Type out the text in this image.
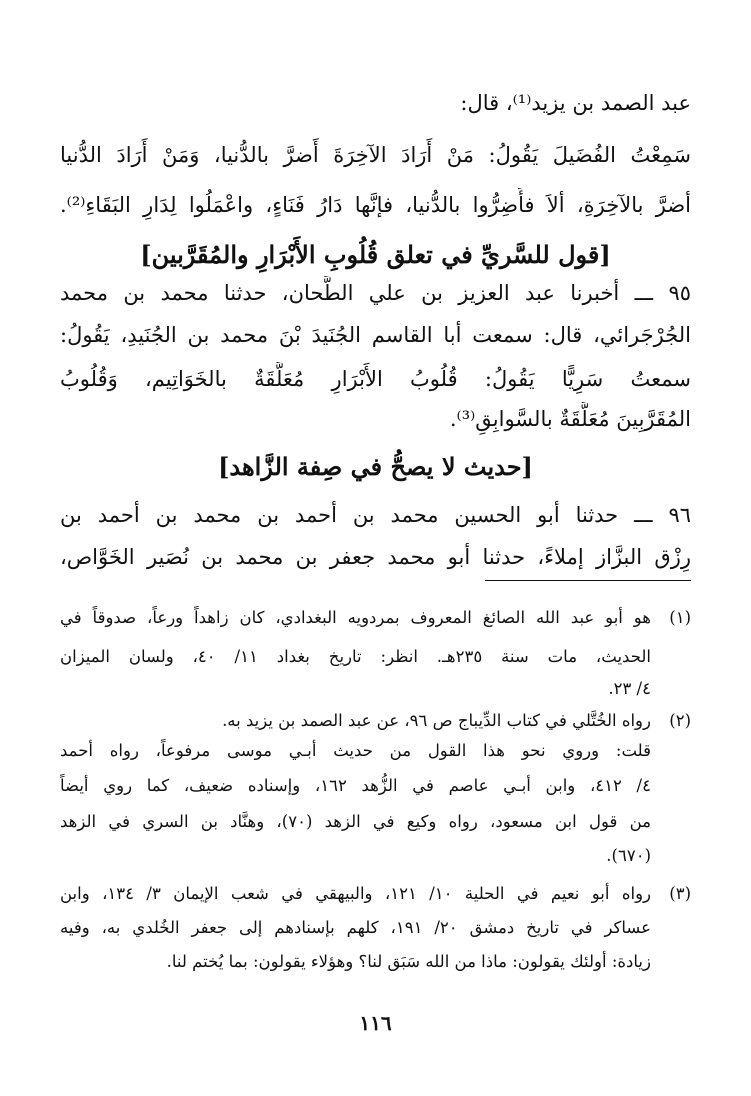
عبد الصمد بن يزيد⁽¹⁾، قال:
سَمِعْتُ الفُضَيلَ يَقُولُ: مَنْ أَرَادَ الآخِرَةَ أَضرَّ بالدُّنيا، وَمَنْ أَرَادَ الدُّنيا
أضرَّ بالآخِرَةِ، ألاَ فأَضِرُّوا بالدُّنيا، فإنَّها دَارُ فَنَاءٍ، واعْمَلُوا لِدَارِ البَقَاءِ⁽²⁾.
[قول للسَّريِّ في تعلق قُلُوبِ الأَبْرَارِ والمُقَرَّبين]
٩٥ ـــ أخبرنا عبد العزيز بن علي الطَّحان، حدثنا محمد بن محمد
الجُرْجَرائي، قال: سمعت أبا القاسم الجُنَيدَ بْنَ محمد بن الجُنَيدِ، يَقُولُ:
سمعتُ سَرِيًّا يَقُولُ: قُلُوبُ الأَبْرَارِ مُعَلَّقَةٌ بالخَوَاتِيم، وَقُلُوبُ
المُقَرَّبِينَ مُعَلَّقَةٌ بالسَّوابِقِ⁽³⁾.
[حديث لا يصحُّ في صِفة الزَّاهد]
٩٦ ـــ حدثنا أبو الحسين محمد بن أحمد بن محمد بن أحمد بن
رِزْق البزَّاز إملاءً، حدثنا أبو محمد جعفر بن محمد بن نُصَير الخَوَّاص،
(١)
هو أبو عبد الله الصائغ المعروف بمردويه البغدادي، كان زاهداً ورعاً، صدوقاً في
الحديث، مات سنة ٢٣٥هـ. انظر: تاريخ بغداد ١١/ ٤٠، ولسان الميزان
٤/ ٢٣.
(٢)
رواه الخُتَّلي في كتاب الدِّيباج ص ٩٦، عن عبد الصمد بن يزيد به.
قلت: وروي نحو هذا القول من حديث أبـي موسى مرفوعاً، رواه أحمد
٤/ ٤١٢، وابن أبـي عاصم في الزُّهد ١٦٢، وإسناده ضعيف، كما روي أيضاً
من قول ابن مسعود، رواه وكيع في الزهد (٧٠)، وهنَّاد بن السري في الزهد
(٦٧٠).
(٣)
رواه أبو نعيم في الحلية ١٠/ ١٢١، والبيهقي في شعب الإيمان ٣/ ١٣٤، وابن
عساكر في تاريخ دمشق ٢٠/ ١٩١، كلهم بإسنادهم إلى جعفر الخُلدي به، وفيه
زيادة: أولئك يقولون: ماذا من الله سَبَق لنا؟ وهؤلاء يقولون: بما يُختم لنا.
١١٦
